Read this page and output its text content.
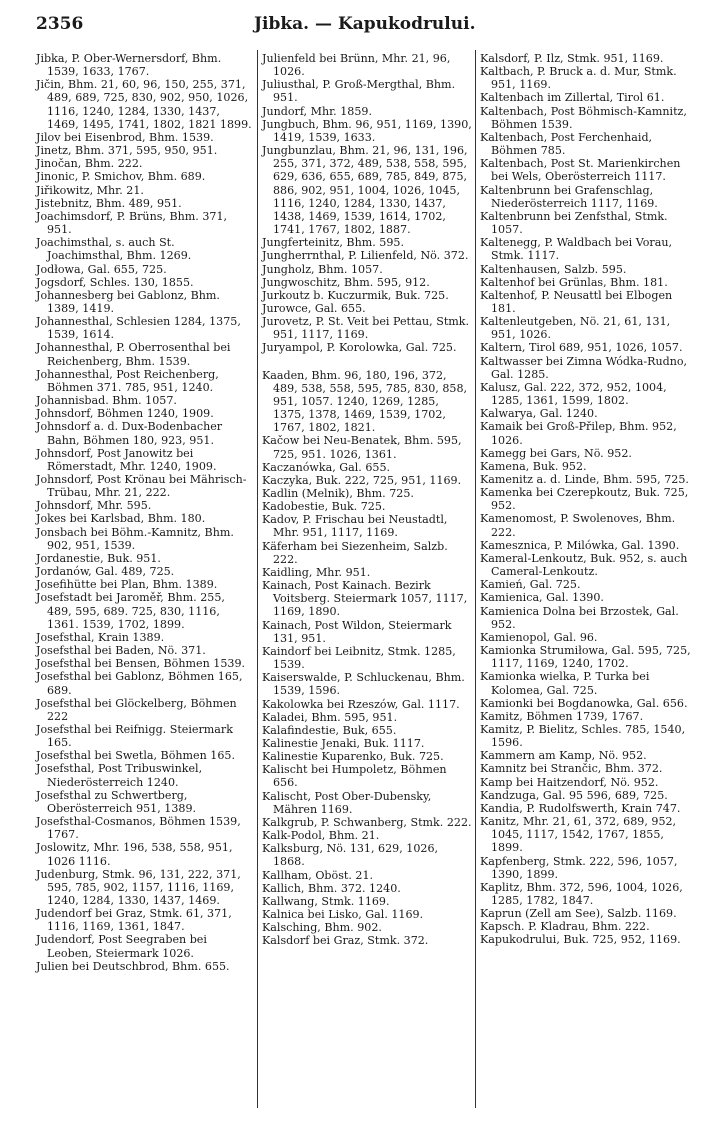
2356	Jibka. — Kapukodrului.
Jibka, P. Ober-Wernersdorf, Bhm. 1539, 1633, 1767.
Jičin, Bhm. 21, 60, 96, 150, 255, 371, 489, 689, 725, 830, 902, 950, 1026, 1116, 1240, 1284, 1330, 1437, 1469, 1495, 1741, 1802, 1821 1899.
Jilov bei Eisenbrod, Bhm. 1539.
Jinetz, Bhm. 371, 595, 950, 951.
Jinočan, Bhm. 222.
Jinonic, P. Smichov, Bhm. 689.
Jiřikowitz, Mhr. 21.
Jistebnitz, Bhm. 489, 951.
Joachimsdorf, P. Brüns, Bhm. 371, 951.
Joachimsthal, s. auch St. Joachimsthal, Bhm. 1269.
Jodłowa, Gal. 655, 725.
Jogsdorf, Schles. 130, 1855.
Johannesberg bei Gablonz, Bhm. 1389, 1419.
Johannesthal, Schlesien 1284, 1375, 1539, 1614.
Johannesthal, P. Oberrosenthal bei Reichenberg, Bhm. 1539.
Johannesthal, Post Reichenberg, Böhmen 371. 785, 951, 1240.
Johannisbad. Bhm. 1057.
Johnsdorf, Böhmen 1240, 1909.
Johnsdorf a. d. Dux-Bodenbacher Bahn, Böhmen 180, 923, 951.
Johnsdorf, Post Janowitz bei Römerstadt, Mhr. 1240, 1909.
Johnsdorf, Post Krönau bei Mährisch-Trübau, Mhr. 21, 222.
Johnsdorf, Mhr. 595.
Jokes bei Karlsbad, Bhm. 180.
Jonsbach bei Böhm.-Kamnitz, Bhm. 902, 951, 1539.
Jordanestie, Buk. 951.
Jordanów, Gal. 489, 725.
Josefihütte bei Plan, Bhm. 1389.
Josefstadt bei Jaroměř, Bhm. 255, 489, 595, 689. 725, 830, 1116, 1361. 1539, 1702, 1899.
Josefsthal, Krain 1389.
Josefsthal bei Baden, Nö. 371.
Josefsthal bei Bensen, Böhmen 1539.
Josefsthal bei Gablonz, Böhmen 165, 689.
Josefsthal bei Glöckelberg, Böhmen 222
Josefsthal bei Reifnigg. Steiermark 165.
Josefsthal bei Swetla, Böhmen 165.
Josefsthal, Post Tribuswinkel, Niederösterreich 1240.
Josefsthal zu Schwertberg, Oberösterreich 951, 1389.
Josefsthal-Cosmanos, Böhmen 1539, 1767.
Joslowitz, Mhr. 196, 538, 558, 951, 1026 1116.
Judenburg, Stmk. 96, 131, 222, 371, 595, 785, 902, 1157, 1116, 1169, 1240, 1284, 1330, 1437, 1469.
Judendorf bei Graz, Stmk. 61, 371, 1116, 1169, 1361, 1847.
Judendorf, Post Seegraben bei Leoben, Steiermark 1026.
Julien bei Deutschbrod, Bhm. 655.
Julienfeld bei Brünn, Mhr. 21, 96, 1026.
Juliusthal, P. Groß-Mergthal, Bhm. 951.
Jundorf, Mhr. 1859.
Jungbuch, Bhm. 96, 951, 1169, 1390, 1419, 1539, 1633.
Jungbunzlau, Bhm. 21, 96, 131, 196, 255, 371, 372, 489, 538, 558, 595, 629, 636, 655, 689, 785, 849, 875, 886, 902, 951, 1004, 1026, 1045, 1116, 1240, 1284, 1330, 1437, 1438, 1469, 1539, 1614, 1702, 1741, 1767, 1802, 1887.
Jungferteinitz, Bhm. 595.
Jungherrnthal, P. Lilienfeld, Nö. 372.
Jungholz, Bhm. 1057.
Jungwoschitz, Bhm. 595, 912.
Jurkoutz b. Kuczurmik, Buk. 725.
Jurowce, Gal. 655.
Jurovetz, P. St. Veit bei Pettau, Stmk. 951, 1117, 1169.
Juryampol, P. Korolowka, Gal. 725.
Kaaden, Bhm. 96, 180, 196, 372, 489, 538, 558, 595, 785, 830, 858, 951, 1057. 1240, 1269, 1285, 1375, 1378, 1469, 1539, 1702, 1767, 1802, 1821.
Kačow bei Neu-Benatek, Bhm. 595, 725, 951. 1026, 1361.
Kaczanówka, Gal. 655.
Kaczyka, Buk. 222, 725, 951, 1169.
Kadlin (Melnik), Bhm. 725.
Kadobestie, Buk. 725.
Kadov, P. Frischau bei Neustadtl, Mhr. 951, 1117, 1169.
Käferham bei Siezenheim, Salzb. 222.
Kaidling, Mhr. 951.
Kainach, Post Kainach. Bezirk Voitsberg. Steiermark 1057, 1117, 1169, 1890.
Kainach, Post Wildon, Steiermark 131, 951.
Kaindorf bei Leibnitz, Stmk. 1285, 1539.
Kaiserswalde, P. Schluckenau, Bhm. 1539, 1596.
Kakolowka bei Rzeszów, Gal. 1117.
Kaladei, Bhm. 595, 951.
Kalafindestie, Buk, 655.
Kalinestie Jenaki, Buk. 1117.
Kalinestie Kuparenko, Buk. 725.
Kalischt bei Humpoletz, Böhmen 656.
Kalischt, Post Ober-Dubensky, Mähren 1169.
Kalkgrub, P. Schwanberg, Stmk. 222.
Kalk-Podol, Bhm. 21.
Kalksburg, Nö. 131, 629, 1026, 1868.
Kallham, Oböst. 21.
Kallich, Bhm. 372. 1240.
Kallwang, Stmk. 1169.
Kalnica bei Lisko, Gal. 1169.
Kalsching, Bhm. 902.
Kalsdorf bei Graz, Stmk. 372.
Kalsdorf, P. Ilz, Stmk. 951, 1169.
Kaltbach, P. Bruck a. d. Mur, Stmk. 951, 1169.
Kaltenbach im Zillertal, Tirol 61.
Kaltenbach, Post Böhmisch-Kamnitz, Böhmen 1539.
Kaltenbach, Post Ferchenhaid, Böhmen 785.
Kaltenbach, Post St. Marienkirchen bei Wels, Oberösterreich 1117.
Kaltenbrunn bei Grafenschlag, Niederösterreich 1117, 1169.
Kaltenbrunn bei Zenfsthal, Stmk. 1057.
Kaltenegg, P. Waldbach bei Vorau, Stmk. 1117.
Kaltenhausen, Salzb. 595.
Kaltenhof bei Grünlas, Bhm. 181.
Kaltenhof, P. Neusattl bei Elbogen 181.
Kaltenleutgeben, Nö. 21, 61, 131, 951, 1026.
Kaltern, Tirol 689, 951, 1026, 1057.
Kaltwasser bei Zimna Wódka-Rudno, Gal. 1285.
Kalusz, Gal. 222, 372, 952, 1004, 1285, 1361, 1599, 1802.
Kalwarya, Gal. 1240.
Kamaik bei Groß-Přilep, Bhm. 952, 1026.
Kamegg bei Gars, Nö. 952.
Kamena, Buk. 952.
Kamenitz a. d. Linde, Bhm. 595, 725.
Kamenka bei Czerepkoutz, Buk. 725, 952.
Kamenomost, P. Swolenoves, Bhm. 222.
Kamesznica, P. Milówka, Gal. 1390.
Kameral-Lenkoutz, Buk. 952, s. auch Cameral-Lenkoutz.
Kamień, Gal. 725.
Kamienica, Gal. 1390.
Kamienica Dolna bei Brzostek, Gal. 952.
Kamienopol, Gal. 96.
Kamionka Strumiłowa, Gal. 595, 725, 1117, 1169, 1240, 1702.
Kamionka wielka, P. Turka bei Kolomea, Gal. 725.
Kamionki bei Bogdanowka, Gal. 656.
Kamitz, Böhmen 1739, 1767.
Kamitz, P. Bielitz, Schles. 785, 1540, 1596.
Kammern am Kamp, Nö. 952.
Kamnitz bei Strančic, Bhm. 372.
Kamp bei Haitzendorf, Nö. 952.
Kandzuga, Gal. 95 596, 689, 725.
Kandia, P. Rudolfswerth, Krain 747.
Kanitz, Mhr. 21, 61, 372, 689, 952, 1045, 1117, 1542, 1767, 1855, 1899.
Kapfenberg, Stmk. 222, 596, 1057, 1390, 1899.
Kaplitz, Bhm. 372, 596, 1004, 1026, 1285, 1782, 1847.
Kaprun (Zell am See), Salzb. 1169.
Kapsch. P. Kladrau, Bhm. 222.
Kapukodrului, Buk. 725, 952, 1169.
